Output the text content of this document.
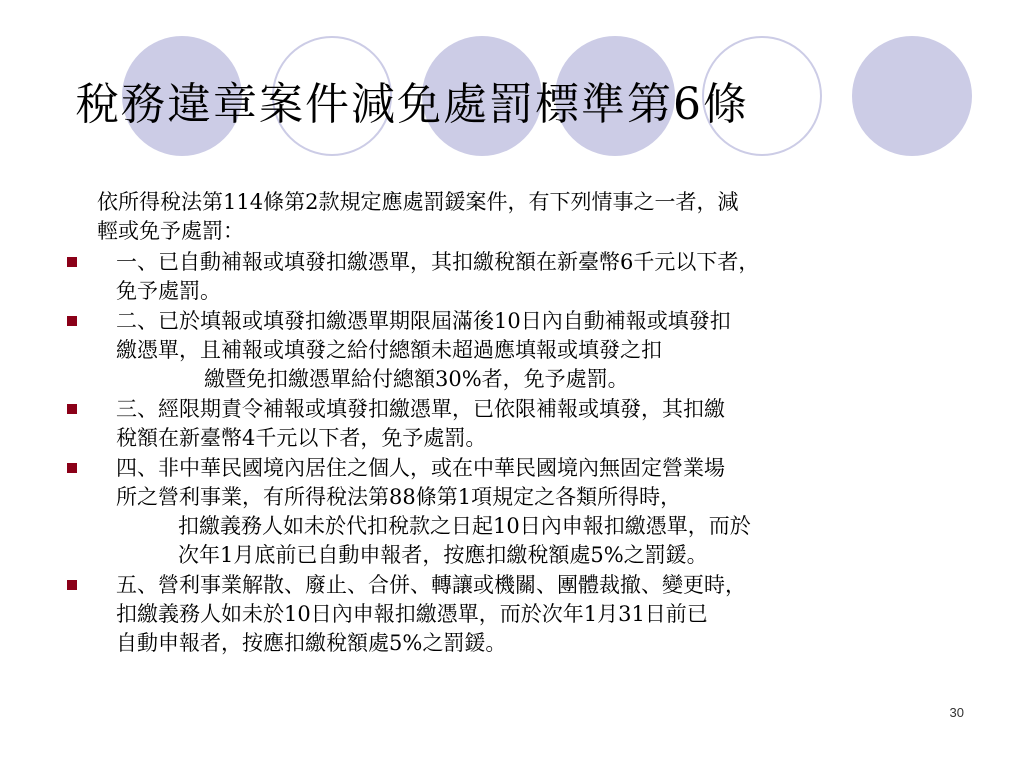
稅務違章案件減免處罰標準第6條
依所得稅法第114條第2款規定應處罰鍰案件，有下列情事之一者，減
輕或免予處罰：
一、已自動補報或填發扣繳憑單，其扣繳稅額在新臺幣6千元以下者，
免予處罰。
二、已於填報或填發扣繳憑單期限屆滿後10日內自動補報或填發扣
繳憑單，且補報或填發之給付總額未超過應填報或填發之扣
繳暨免扣繳憑單給付總額30%者，免予處罰。
三、經限期責令補報或填發扣繳憑單，已依限補報或填發，其扣繳
稅額在新臺幣4千元以下者，免予處罰。
四、非中華民國境內居住之個人，或在中華民國境內無固定營業場
所之營利事業，有所得稅法第88條第1項規定之各類所得時，
扣繳義務人如未於代扣稅款之日起10日內申報扣繳憑單，而於
次年1月底前已自動申報者，按應扣繳稅額處5%之罰鍰。
五、營利事業解散、廢止、合併、轉讓或機關、團體裁撤、變更時，
扣繳義務人如未於10日內申報扣繳憑單，而於次年1月31日前已
自動申報者，按應扣繳稅額處5%之罰鍰。
30
